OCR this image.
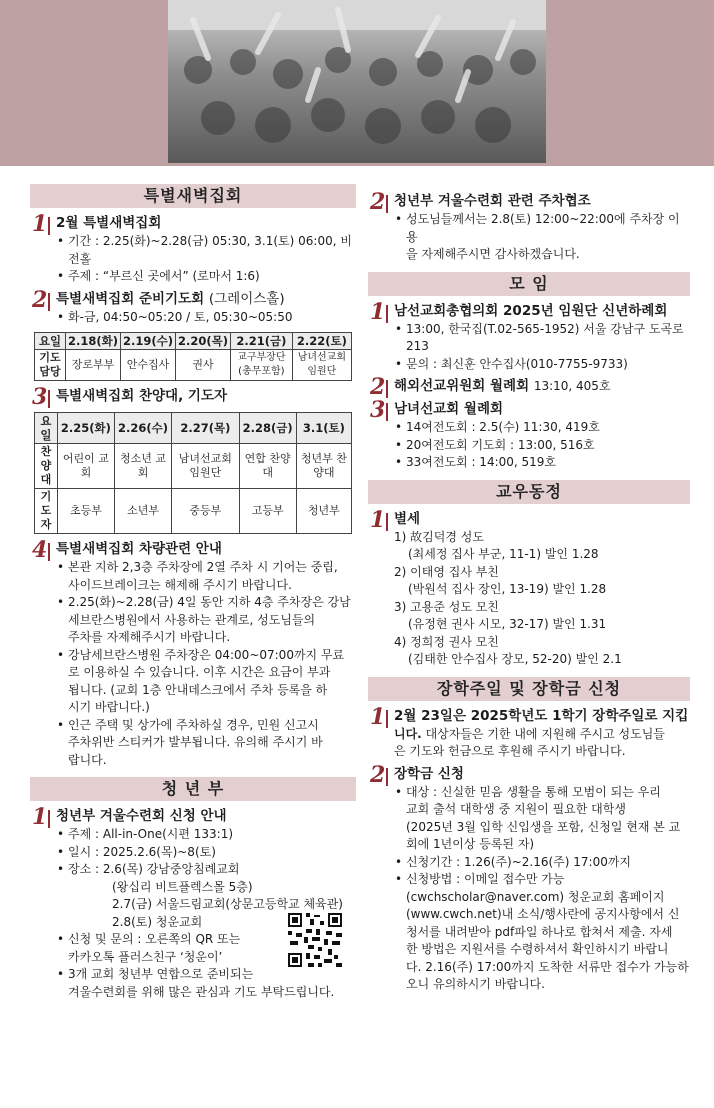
특별새벽집회
1 2월 특별새벽집회
• 기간 : 2.25(화)~2.28(금) 05:30, 3.1(토) 06:00, 비전홀
• 주제 : “부르신 곳에서” (로마서 1:6)
2 특별새벽집회 준비기도회 (그레이스홀)
• 화-금, 04:50~05:20 / 토, 05:30~05:50
요일	2.18(화)	2.19(수)	2.20(목)	2.21(금)	2.22(토)
기도 담당	장로부부	안수집사	권사	교구부장단 (총무포함)	남녀선교회 임원단
3 특별새벽집회 찬양대, 기도자
요일	2.25(화)	2.26(수)	2.27(목)	2.28(금)	3.1(토)
찬양대	어린이 교회	청소년 교회	남녀선교회 임원단	연합 찬양대	청년부 찬양대
기도자	초등부	소년부	중등부	고등부	청년부
4 특별새벽집회 차량관련 안내
• 본관 지하 2,3층 주차장에 2열 주차 시 기어는 중립,
사이드브레이크는 해제해 주시기 바랍니다.
• 2.25(화)~2.28(금) 4일 동안 지하 4층 주차장은 강남
세브란스병원에서 사용하는 관계로, 성도님들의
주차를 자제해주시기 바랍니다.
• 강남세브란스병원 주차장은 04:00~07:00까지 무료
로 이용하실 수 있습니다. 이후 시간은 요금이 부과
됩니다. (교회 1층 안내데스크에서 주차 등록을 하
시기 바랍니다.)
• 인근 주택 및 상가에 주차하실 경우, 민원 신고시
주차위반 스티커가 발부됩니다. 유의해 주시기 바
랍니다.
청 년 부
1 청년부 겨울수련회 신청 안내
• 주제 : All-in-One(시편 133:1)
• 일시 : 2025.2.6(목)~8(토)
• 장소 : 2.6(목) 강남중앙침례교회
(왕십리 비트플렉스몰 5층)
2.7(금) 서울드림교회(상문고등학교 체육관)
2.8(토) 청운교회
• 신청 및 문의 : 오른쪽의 QR 또는
카카오톡 플러스친구 ‘청운이’
• 3개 교회 청년부 연합으로 준비되는
겨울수련회를 위해 많은 관심과 기도 부탁드립니다.
2 청년부 겨울수련회 관련 주차협조
• 성도님들께서는 2.8(토) 12:00~22:00에 주차장 이용
을 자제해주시면 감사하겠습니다.
모 임
1 남선교회총협의회 2025년 임원단 신년하례회
• 13:00, 한국집(T.02-565-1952) 서울 강남구 도곡로 213
• 문의 : 최신훈 안수집사(010-7755-9733)
2 해외선교위원회 월례회 13:10, 405호
3 남녀선교회 월례회
• 14여전도회 : 2.5(수) 11:30, 419호
• 20여전도회 기도회 : 13:00, 516호
• 33여전도회 : 14:00, 519호
교우동정
1 별세
1) 故김덕경 성도
(최세정 집사 부군, 11-1) 발인 1.28
2) 이태영 집사 부친
(박원석 집사 장인, 13-19) 발인 1.28
3) 고용준 성도 모친
(유정현 권사 시모, 32-17) 발인 1.31
4) 정희정 권사 모친
(김태한 안수집사 장모, 52-20) 발인 2.1
장학주일 및 장학금 신청
1 2월 23일은 2025학년도 1학기 장학주일로 지킵
니다. 대상자들은 기한 내에 지원해 주시고 성도님들
은 기도와 헌금으로 후원해 주시기 바랍니다.
2 장학금 신청
• 대상 : 신실한 믿음 생활을 통해 모범이 되는 우리
교회 출석 대학생 중 지원이 필요한 대학생
(2025년 3월 입학 신입생을 포함, 신청일 현재 본 교
회에 1년이상 등록된 자)
• 신청기간 : 1.26(주)~2.16(주) 17:00까지
• 신청방법 : 이메일 접수만 가능
(cwchscholar@naver.com) 청운교회 홈페이지
(www.cwch.net)내 소식/행사란에 공지사항에서 신
청서를 내려받아 pdf파일 하나로 합쳐서 제출. 자세
한 방법은 지원서를 수령하셔서 확인하시기 바랍니
다. 2.16(주) 17:00까지 도착한 서류만 접수가 가능하
오니 유의하시기 바랍니다.
